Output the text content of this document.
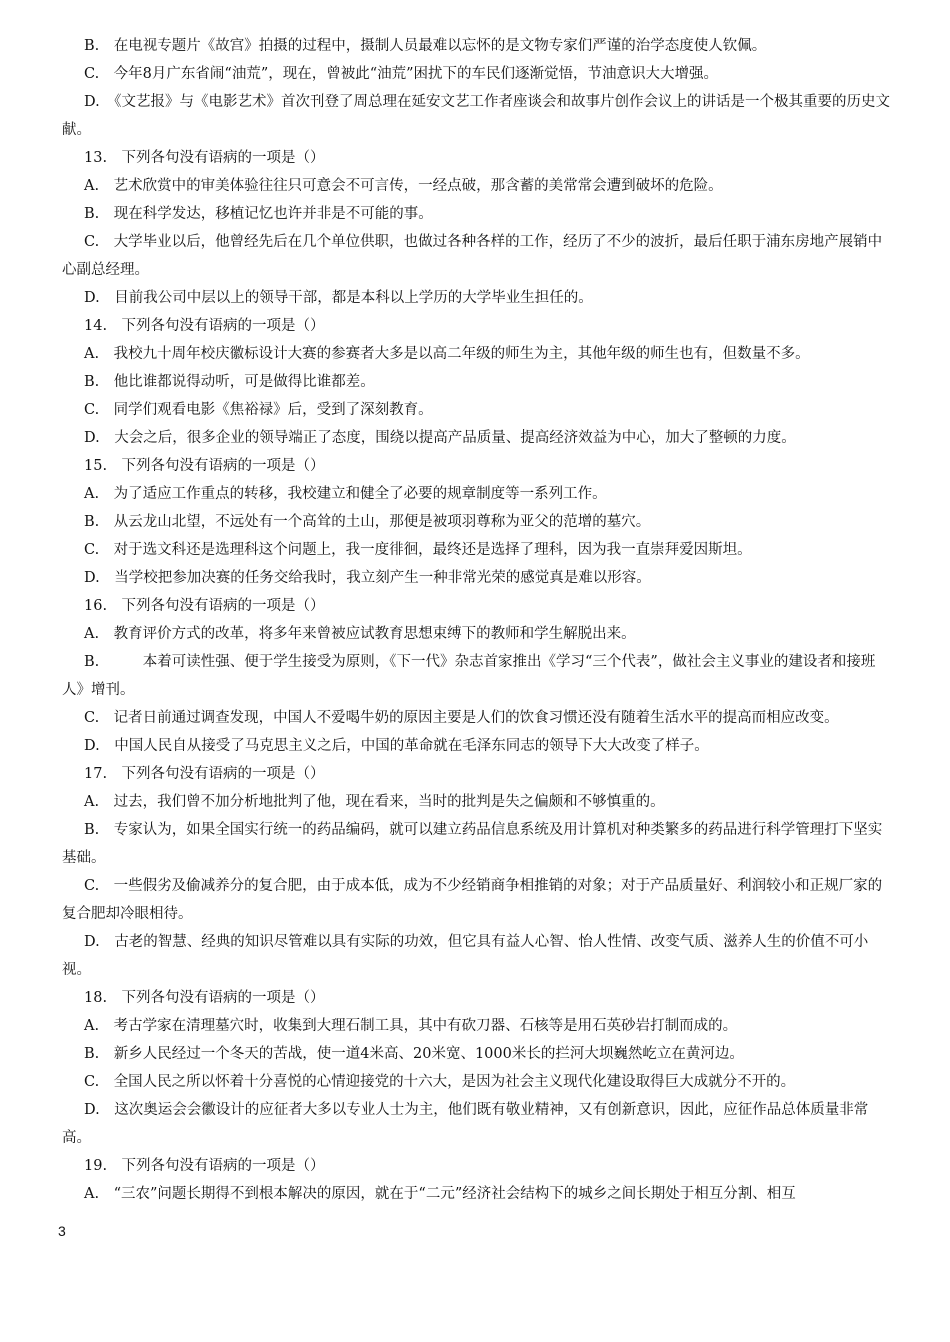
B.　在电视专题片《故宫》拍摄的过程中，摄制人员最难以忘怀的是文物专家们严谨的治学态度使人钦佩。

C.　今年8月广东省闹“油荒”，现在，曾被此“油荒”困扰下的车民们逐渐觉悟，节油意识大大增强。

D.　《文艺报》与《电影艺术》首次刊登了周总理在延安文艺工作者座谈会和故事片创作会议上的讲话是一个极其重要的历史文献。

13.　下列各句没有语病的一项是（）

A.　艺术欣赏中的审美体验往往只可意会不可言传，一经点破，那含蓄的美常常会遭到破坏的危险。

B.　现在科学发达，移植记忆也许并非是不可能的事。

C.　大学毕业以后，他曾经先后在几个单位供职，也做过各种各样的工作，经历了不少的波折，最后任职于浦东房地产展销中心副总经理。

D.　目前我公司中层以上的领导干部，都是本科以上学历的大学毕业生担任的。

14.　下列各句没有语病的一项是（）

A.　我校九十周年校庆徽标设计大赛的参赛者大多是以高二年级的师生为主，其他年级的师生也有，但数量不多。

B.　他比谁都说得动听，可是做得比谁都差。

C.　同学们观看电影《焦裕禄》后，受到了深刻教育。

D.　大会之后，很多企业的领导端正了态度，围绕以提高产品质量、提高经济效益为中心，加大了整顿的力度。

15.　下列各句没有语病的一项是（）

A.　为了适应工作重点的转移，我校建立和健全了必要的规章制度等一系列工作。

B.　从云龙山北望，不远处有一个高耸的土山，那便是被项羽尊称为亚父的范增的墓穴。

C.　对于选文科还是选理科这个问题上，我一度徘徊，最终还是选择了理科，因为我一直崇拜爱因斯坦。

D.　当学校把参加决赛的任务交给我时，我立刻产生一种非常光荣的感觉真是难以形容。

16.　下列各句没有语病的一项是（）

A.　教育评价方式的改革，将多年来曾被应试教育思想束缚下的教师和学生解脱出来。

B.　　　本着可读性强、便于学生接受为原则，《下一代》杂志首家推出《学习“三个代表”，做社会主义事业的建设者和接班人》增刊。

C.　记者日前通过调查发现，中国人不爱喝牛奶的原因主要是人们的饮食习惯还没有随着生活水平的提高而相应改变。

D.　中国人民自从接受了马克思主义之后，中国的革命就在毛泽东同志的领导下大大改变了样子。

17.　下列各句没有语病的一项是（）

A.　过去，我们曾不加分析地批判了他，现在看来，当时的批判是失之偏颇和不够慎重的。

B.　专家认为，如果全国实行统一的药品编码，就可以建立药品信息系统及用计算机对种类繁多的药品进行科学管理打下坚实基础。

C.　一些假劣及偷减养分的复合肥，由于成本低，成为不少经销商争相推销的对象；对于产品质量好、利润较小和正规厂家的复合肥却冷眼相待。

D.　古老的智慧、经典的知识尽管难以具有实际的功效，但它具有益人心智、怡人性情、改变气质、滋养人生的价值不可小视。

18.　下列各句没有语病的一项是（）

A.　考古学家在清理墓穴时，收集到大理石制工具，其中有砍刀器、石核等是用石英砂岩打制而成的。

B.　新乡人民经过一个冬天的苦战，使一道4米高、20米宽、1000米长的拦河大坝巍然屹立在黄河边。

C.　全国人民之所以怀着十分喜悦的心情迎接党的十六大，是因为社会主义现代化建设取得巨大成就分不开的。

D.　这次奥运会会徽设计的应征者大多以专业人士为主，他们既有敬业精神，又有创新意识，因此，应征作品总体质量非常高。

19.　下列各句没有语病的一项是（）

A.　“三农”问题长期得不到根本解决的原因，就在于“二元”经济社会结构下的城乡之间长期处于相互分割、相互

3
